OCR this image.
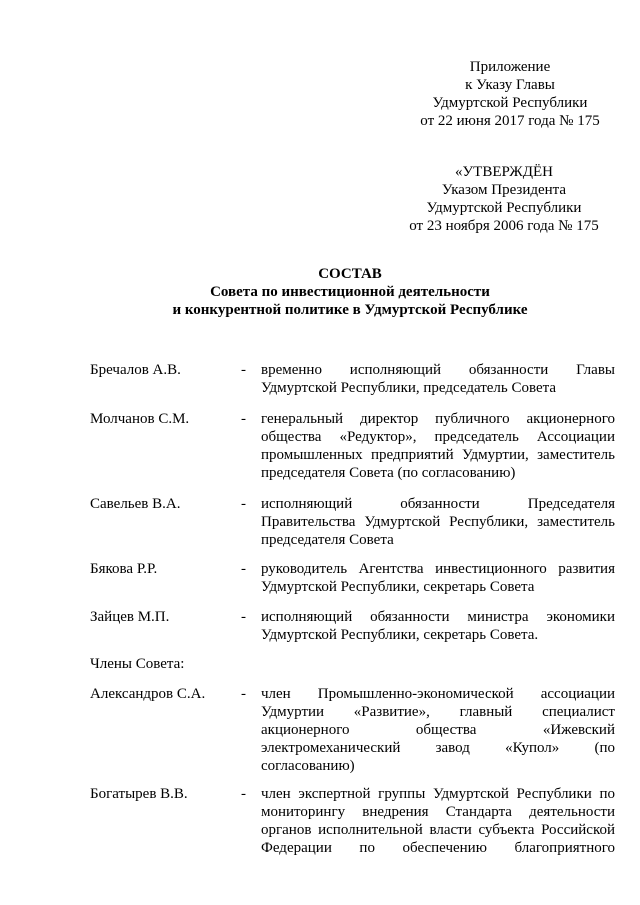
Приложение
к Указу Главы
Удмуртской Республики
от 22 июня 2017 года № 175
«УТВЕРЖДЁН
Указом Президента
Удмуртской Республики
от 23 ноября 2006 года № 175
СОСТАВ
Совета по инвестиционной деятельности
и конкурентной политике в Удмуртской Республике
Бречалов А.В.	- временно исполняющий обязанности Главы
Удмуртской Республики, председатель Совета
Молчанов С.М.	- генеральный директор публичного акционерного
общества «Редуктор», председатель Ассоциации
промышленных предприятий Удмуртии, заместитель
председателя Совета (по согласованию)
Савельев В.А.	- исполняющий обязанности Председателя
Правительства Удмуртской Республики, заместитель
председателя Совета
Бякова Р.Р.	- руководитель Агентства инвестиционного развития
Удмуртской Республики, секретарь Совета
Зайцев М.П.	- исполняющий обязанности министра экономики
Удмуртской Республики, секретарь Совета.
Члены Совета:
Александров С.А. - член Промышленно-экономической ассоциации
Удмуртии «Развитие», главный специалист
акционерного общества «Ижевский
электромеханический завод «Купол» (по
согласованию)
Богатырев В.В.	- член экспертной группы Удмуртской Республики по
мониторингу внедрения Стандарта деятельности
органов исполнительной власти субъекта Российской
Федерации по обеспечению благоприятного
